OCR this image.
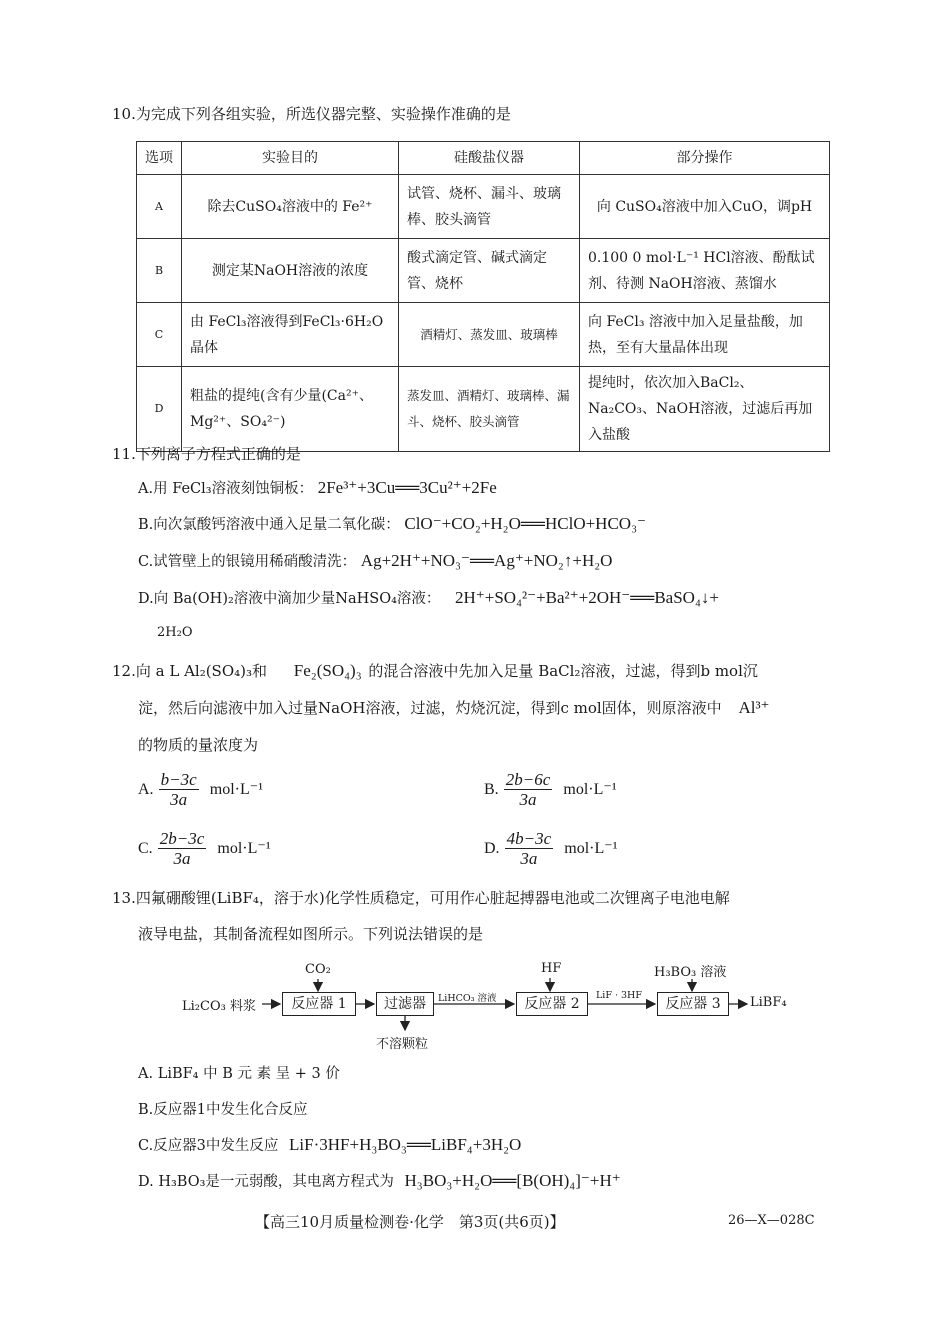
10.为完成下列各组实验，所选仪器完整、实验操作准确的是
选项	实验目的	硅酸盐仪器	部分操作
A	除去CuSO₄溶液中的 Fe²⁺	试管、烧杯、漏斗、玻璃棒、胶头滴管	向 CuSO₄溶液中加入CuO，调pH
B	测定某NaOH溶液的浓度	酸式滴定管、碱式滴定管、烧杯	0.100 0 mol·L⁻¹ HCl溶液、酚酞试剂、待测 NaOH溶液、蒸馏水
C	由 FeCl₃溶液得到FeCl₃·6H₂O晶体	酒精灯、蒸发皿、玻璃棒	向 FeCl₃ 溶液中加入足量盐酸，加热，至有大量晶体出现
D	粗盐的提纯(含有少量(Ca²⁺、Mg²⁺、SO₄²⁻)	蒸发皿、酒精灯、玻璃棒、漏斗、烧杯、胶头滴管	提纯时，依次加入BaCl₂、Na₂CO₃、NaOH溶液，过滤后再加入盐酸
11.下列离子方程式正确的是
A.用 FeCl₃溶液刻蚀铜板： 2Fe³⁺+3Cu══3Cu²⁺+2Fe
B.向次氯酸钙溶液中通入足量二氧化碳： ClO⁻+CO₂+H₂O══HClO+HCO₃⁻
C.试管壁上的银镜用稀硝酸清洗： Ag+2H⁺+NO₃⁻══Ag⁺+NO₂↑+H₂O
D.向 Ba(OH)₂溶液中滴加少量NaHSO₄溶液： 2H⁺+SO₄²⁻+Ba²⁺+2OH⁻══BaSO₄↓+
2H₂O
12.向 a L Al₂(SO₄)₃和 Fe₂(SO₄)₃ 的混合溶液中先加入足量 BaCl₂溶液，过滤，得到b mol沉
淀，然后向滤液中加入过量NaOH溶液，过滤，灼烧沉淀，得到c mol固体，则原溶液中 Al³⁺
的物质的量浓度为
A. $\frac{b-3c}{3a} mol\cdot L^{-1}$	B. $\frac{2b-6c}{3a} mol\cdot L^{-1}$
C. $\frac{2b-3c}{3a} mol\cdot L^{-1}$	D. $\frac{4b-3c}{3a} mol\cdot L^{-1}$
13.四氟硼酸锂(LiBF₄，溶于水)化学性质稳定，可用作心脏起搏器电池或二次锂离子电池电解
液导电盐，其制备流程如图所示。下列说法错误的是
Li₂CO₃ 料浆
CO₂
反应器 1	过滤器
不溶颗粒
LiHCO₃ 溶液
HF
反应器 2
LiF · 3HF
H₃BO₃ 溶液
反应器 3	LiBF₄
A. LiBF₄ 中 B 元 素 呈 + 3 价
B.反应器1中发生化合反应
C.反应器3中发生反应 LiF·3HF+H₃BO₃══LiBF₄+3H₂O
D. H₃BO₃是一元弱酸，其电离方程式为 H₃BO₃+H₂O══[B(OH)₄]⁻+H⁺
【高三10月质量检测卷·化学　第3页(共6页)】	26—X—028C
